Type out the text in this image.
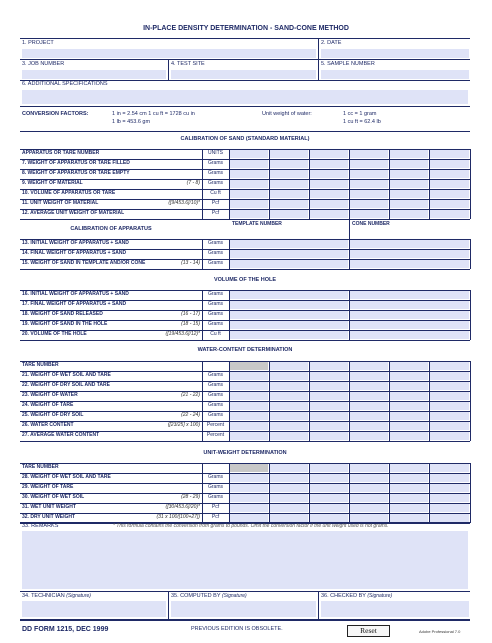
IN-PLACE DENSITY DETERMINATION - SAND-CONE METHOD
1. PROJECT	2. DATE
3. JOB NUMBER	4. TEST SITE	5. SAMPLE NUMBER
6. ADDITIONAL SPECIFICATIONS
CONVERSION FACTORS:	1 in = 2.54 cm 1 cu ft = 1728 cu in
1 lb = 453.6 gm
Unit weight of water:	1 cc = 1 gram
1 cu ft = 62.4 lb
CALIBRATION OF SAND (STANDARD MATERIAL)
APPARATUS OR TARE NUMBER	UNITS
7. WEIGHT OF APPARATUS OR TARE FILLED	Grams
8. WEIGHT OF APPARATUS OR TARE EMPTY	Grams
9. WEIGHT OF MATERIAL	(7 - 8)	Grams
10. VOLUME OF APPARATUS OR TARE	Cu ft
11. UNIT WEIGHT OF MATERIAL	([9/453.6]/10)*	Pcf
12. AVERAGE UNIT WEIGHT OF MATERIAL	Pcf
CALIBRATION OF APPARATUS
TEMPLATE NUMBER	CONE NUMBER
13. INITIAL WEIGHT OF APPARATUS + SAND	Grams
14. FINAL WEIGHT OF APPARATUS + SAND	Grams
15. WEIGHT OF SAND IN TEMPLATE AND/OR CONE	(13 - 14)	Grams
VOLUME OF THE HOLE
16. INITIAL WEIGHT OF APPARATUS + SAND	Grams
17. FINAL WEIGHT OF APPARATUS + SAND	Grams
18. WEIGHT OF SAND RELEASED	(16 - 17)	Grams
19. WEIGHT OF SAND IN THE HOLE	(18 - 15)	Grams
20. VOLUME OF THE HOLE	([19/453.6]/12)*	Cu ft
WATER-CONTENT DETERMINATION
TARE NUMBER
21. WEIGHT OF WET SOIL AND TARE	Grams
22. WEIGHT OF DRY SOIL AND TARE	Grams
23. WEIGHT OF WATER	(21 - 22)	Grams
24. WEIGHT OF TARE	Grams
25. WEIGHT OF DRY SOIL	(22 - 24)	Grams
26. WATER CONTENT	([23/25] x 100)	Percent
27. AVERAGE WATER CONTENT	Percent
UNIT-WEIGHT DETERMINATION
TARE NUMBER
28. WEIGHT OF WET SOIL AND TARE	Grams
29. WEIGHT OF TARE	Grams
30. WEIGHT OF WET SOIL	(28 - 29)	Grams
31. WET UNIT WEIGHT	([30/453.6]/20)*	Pcf
32. DRY UNIT WEIGHT	(31 x 100/[100+27])	Pcf
33. REMARKS	* This formula contains the conversion from grams to pounds. Omit the conversion factor if the unit weight used is not grams.
34. TECHNICIAN (Signature)	35. COMPUTED BY (Signature)	36. CHECKED BY (Signature)
DD FORM 1215, DEC 1999	PREVIOUS EDITION IS OBSOLETE.	Reset	Adobe Professional 7.0
